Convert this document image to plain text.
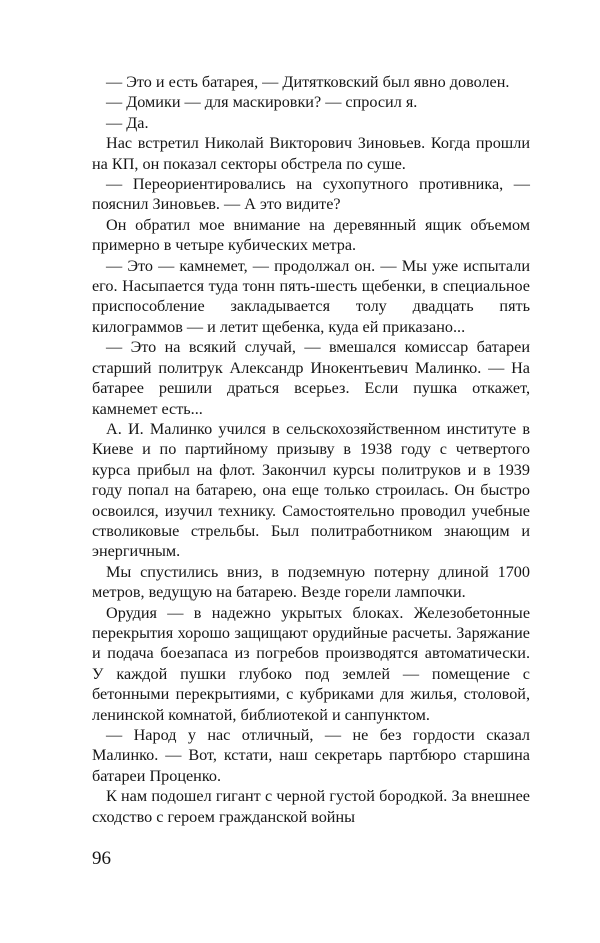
— Это и есть батарея, — Дитятковский был явно доволен.

— Домики — для маскировки? — спросил я.

— Да.

Нас встретил Николай Викторович Зиновьев. Когда прошли на КП, он показал секторы обстрела по суше.

— Переориентировались на сухопутного противника, — пояснил Зиновьев. — А это видите?

Он обратил мое внимание на деревянный ящик объемом примерно в четыре кубических метра.

— Это — камнемет, — продолжал он. — Мы уже испытали его. Насыпается туда тонн пять-шесть щебенки, в специальное приспособление закладывается толу двадцать пять килограммов — и летит щебенка, куда ей приказано...

— Это на всякий случай, — вмешался комиссар батареи старший политрук Александр Инокентьевич Малинко. — На батарее решили драться всерьез. Если пушка откажет, камнемет есть...

А. И. Малинко учился в сельскохозяйственном институте в Киеве и по партийному призыву в 1938 году с четвертого курса прибыл на флот. Закончил курсы политруков и в 1939 году попал на батарею, она еще только строилась. Он быстро освоился, изучил технику. Самостоятельно проводил учебные стволиковые стрельбы. Был политработником знающим и энергичным.

Мы спустились вниз, в подземную потерну длиной 1700 метров, ведущую на батарею. Везде горели лампочки.

Орудия — в надежно укрытых блоках. Железобетонные перекрытия хорошо защищают орудийные расчеты. Заряжание и подача боезапаса из погребов производятся автоматически. У каждой пушки глубоко под землей — помещение с бетонными перекрытиями, с кубриками для жилья, столовой, ленинской комнатой, библиотекой и санпунктом.

— Народ у нас отличный, — не без гордости сказал Малинко. — Вот, кстати, наш секретарь партбюро старшина батареи Проценко.

К нам подошел гигант с черной густой бородкой. За внешнее сходство с героем гражданской войны

96
